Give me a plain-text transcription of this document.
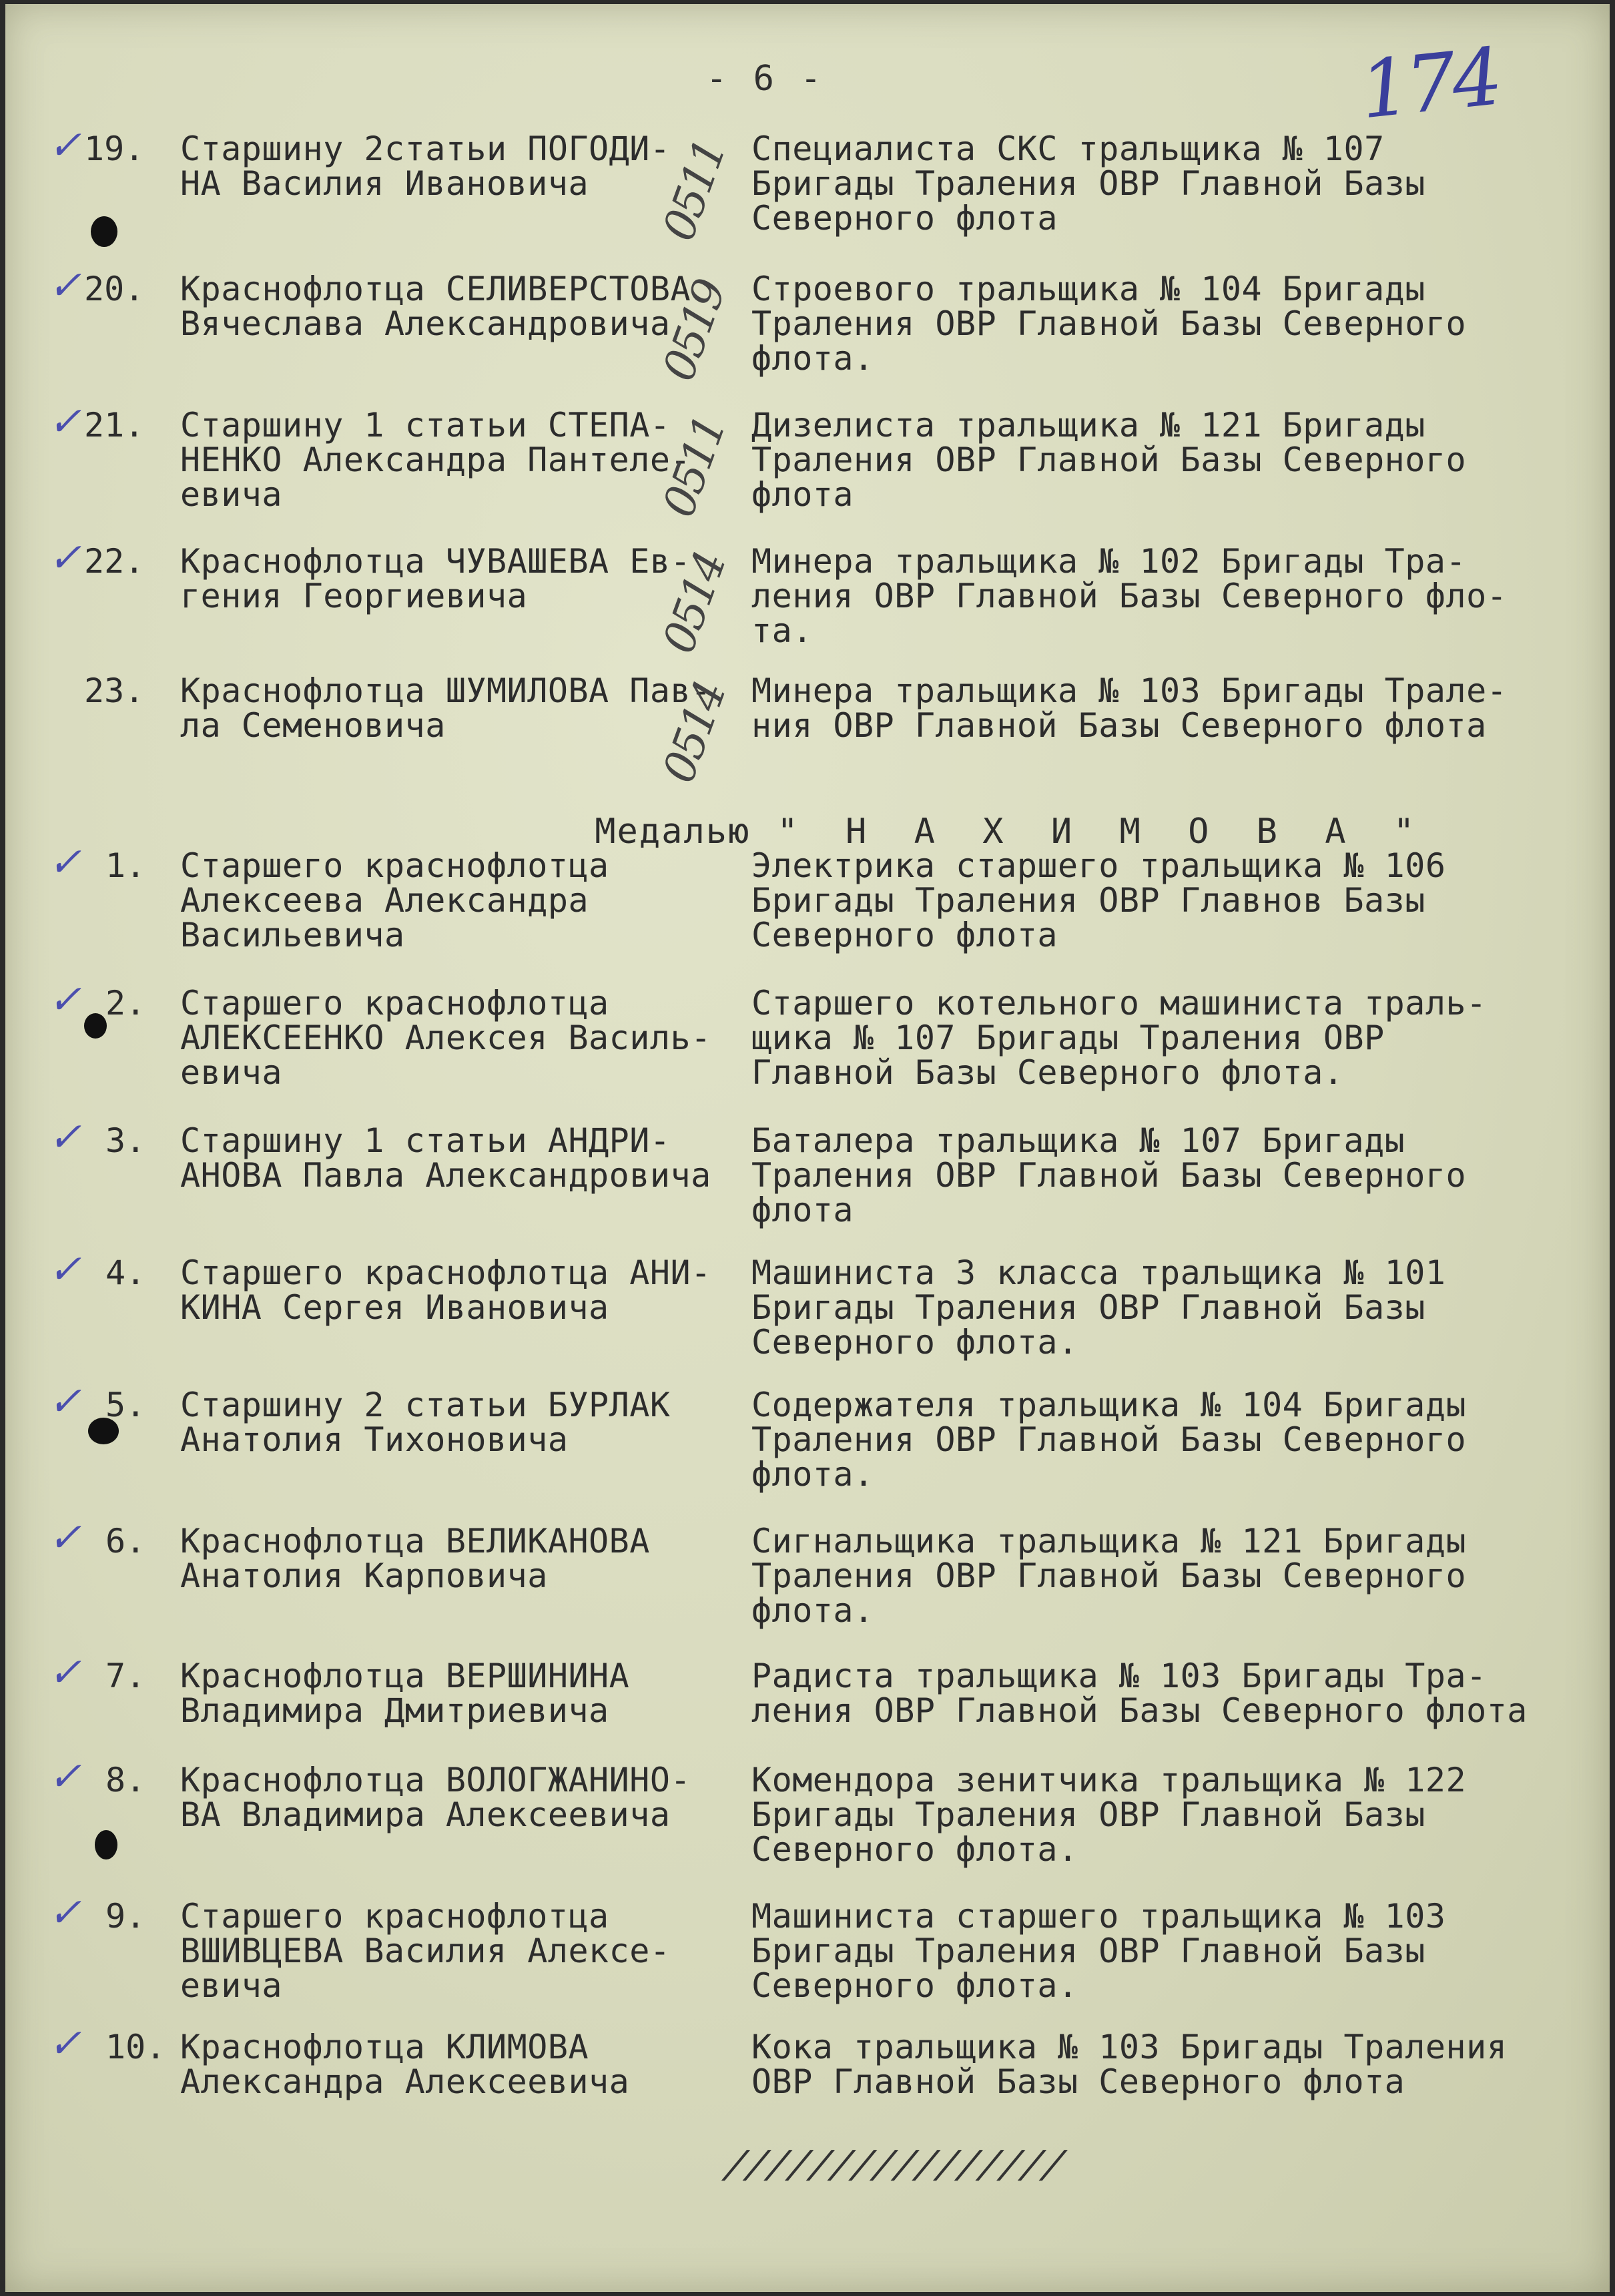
- 6 -	174
✓ 19. Старшину 2статьи ПОГОДИ-
НА Василия Ивановича
Специалиста СКС тральщика № 107
Бригады Траления ОВР Главной Базы
Северного флота
0511
✓ 20. Краснофлотца СЕЛИВЕРСТОВА
Вячеслава Александровича
Строевого тральщика № 104 Бригады
Траления ОВР Главной Базы Северного
флота.
0519
✓ 21. Старшину 1 статьи СТЕПА-
НЕНКО Александра Пантеле-
евича
Дизелиста тральщика № 121 Бригады
Траления ОВР Главной Базы Северного
флота
0511
✓ 22. Краснофлотца ЧУВАШЕВА Ев-
гения Георгиевича
Минера тральщика № 102 Бригады Тра-
ления ОВР Главной Базы Северного фло-
та.
0514
23. Краснофлотца ШУМИЛОВА Пав-
ла Семеновича
Минера тральщика № 103 Бригады Трале-
ния ОВР Главной Базы Северного флота
0514

Медалью " Н А Х И М О В А "

✓ 1. Старшего краснофлотца
Алексеева Александра
Васильевича
Электрика старшего тральщика № 106
Бригады Траления ОВР Главнов Базы
Северного флота
✓ 2. Старшего краснофлотца
АЛЕКСЕЕНКО Алексея Василь-
евича
Старшего котельного машиниста траль-
щика № 107 Бригады Траления ОВР
Главной Базы Северного флота.
✓ 3. Старшину 1 статьи АНДРИ-
АНОВА Павла Александровича
Баталера тральщика № 107 Бригады
Траления ОВР Главной Базы Северного
флота
✓ 4. Старшего краснофлотца АНИ-
КИНА Сергея Ивановича
Машиниста 3 класса тральщика № 101
Бригады Траления ОВР Главной Базы
Северного флота.
✓ 5. Старшину 2 статьи БУРЛАК
Анатолия Тихоновича
Содержателя тральщика № 104 Бригады
Траления ОВР Главной Базы Северного
флота.
✓ 6. Краснофлотца ВЕЛИКАНОВА
Анатолия Карповича
Сигнальщика тральщика № 121 Бригады
Траления ОВР Главной Базы Северного
флота.
✓ 7. Краснофлотца ВЕРШИНИНА
Владимира Дмитриевича
Радиста тральщика № 103 Бригады Тра-
ления ОВР Главной Базы Северного флота
✓ 8. Краснофлотца ВОЛОГЖАНИНО-
ВА Владимира Алексеевича
Комендора зенитчика тральщика № 122
Бригады Траления ОВР Главной Базы
Северного флота.
✓ 9. Старшего краснофлотца
ВШИВЦЕВА Василия Алексе-
евича
Машиниста старшего тральщика № 103
Бригады Траления ОВР Главной Базы
Северного флота.
✓ 10. Краснофлотца КЛИМОВА
Александра Алексеевича
Кока тральщика № 103 Бригады Траления
ОВР Главной Базы Северного флота
////////////////
